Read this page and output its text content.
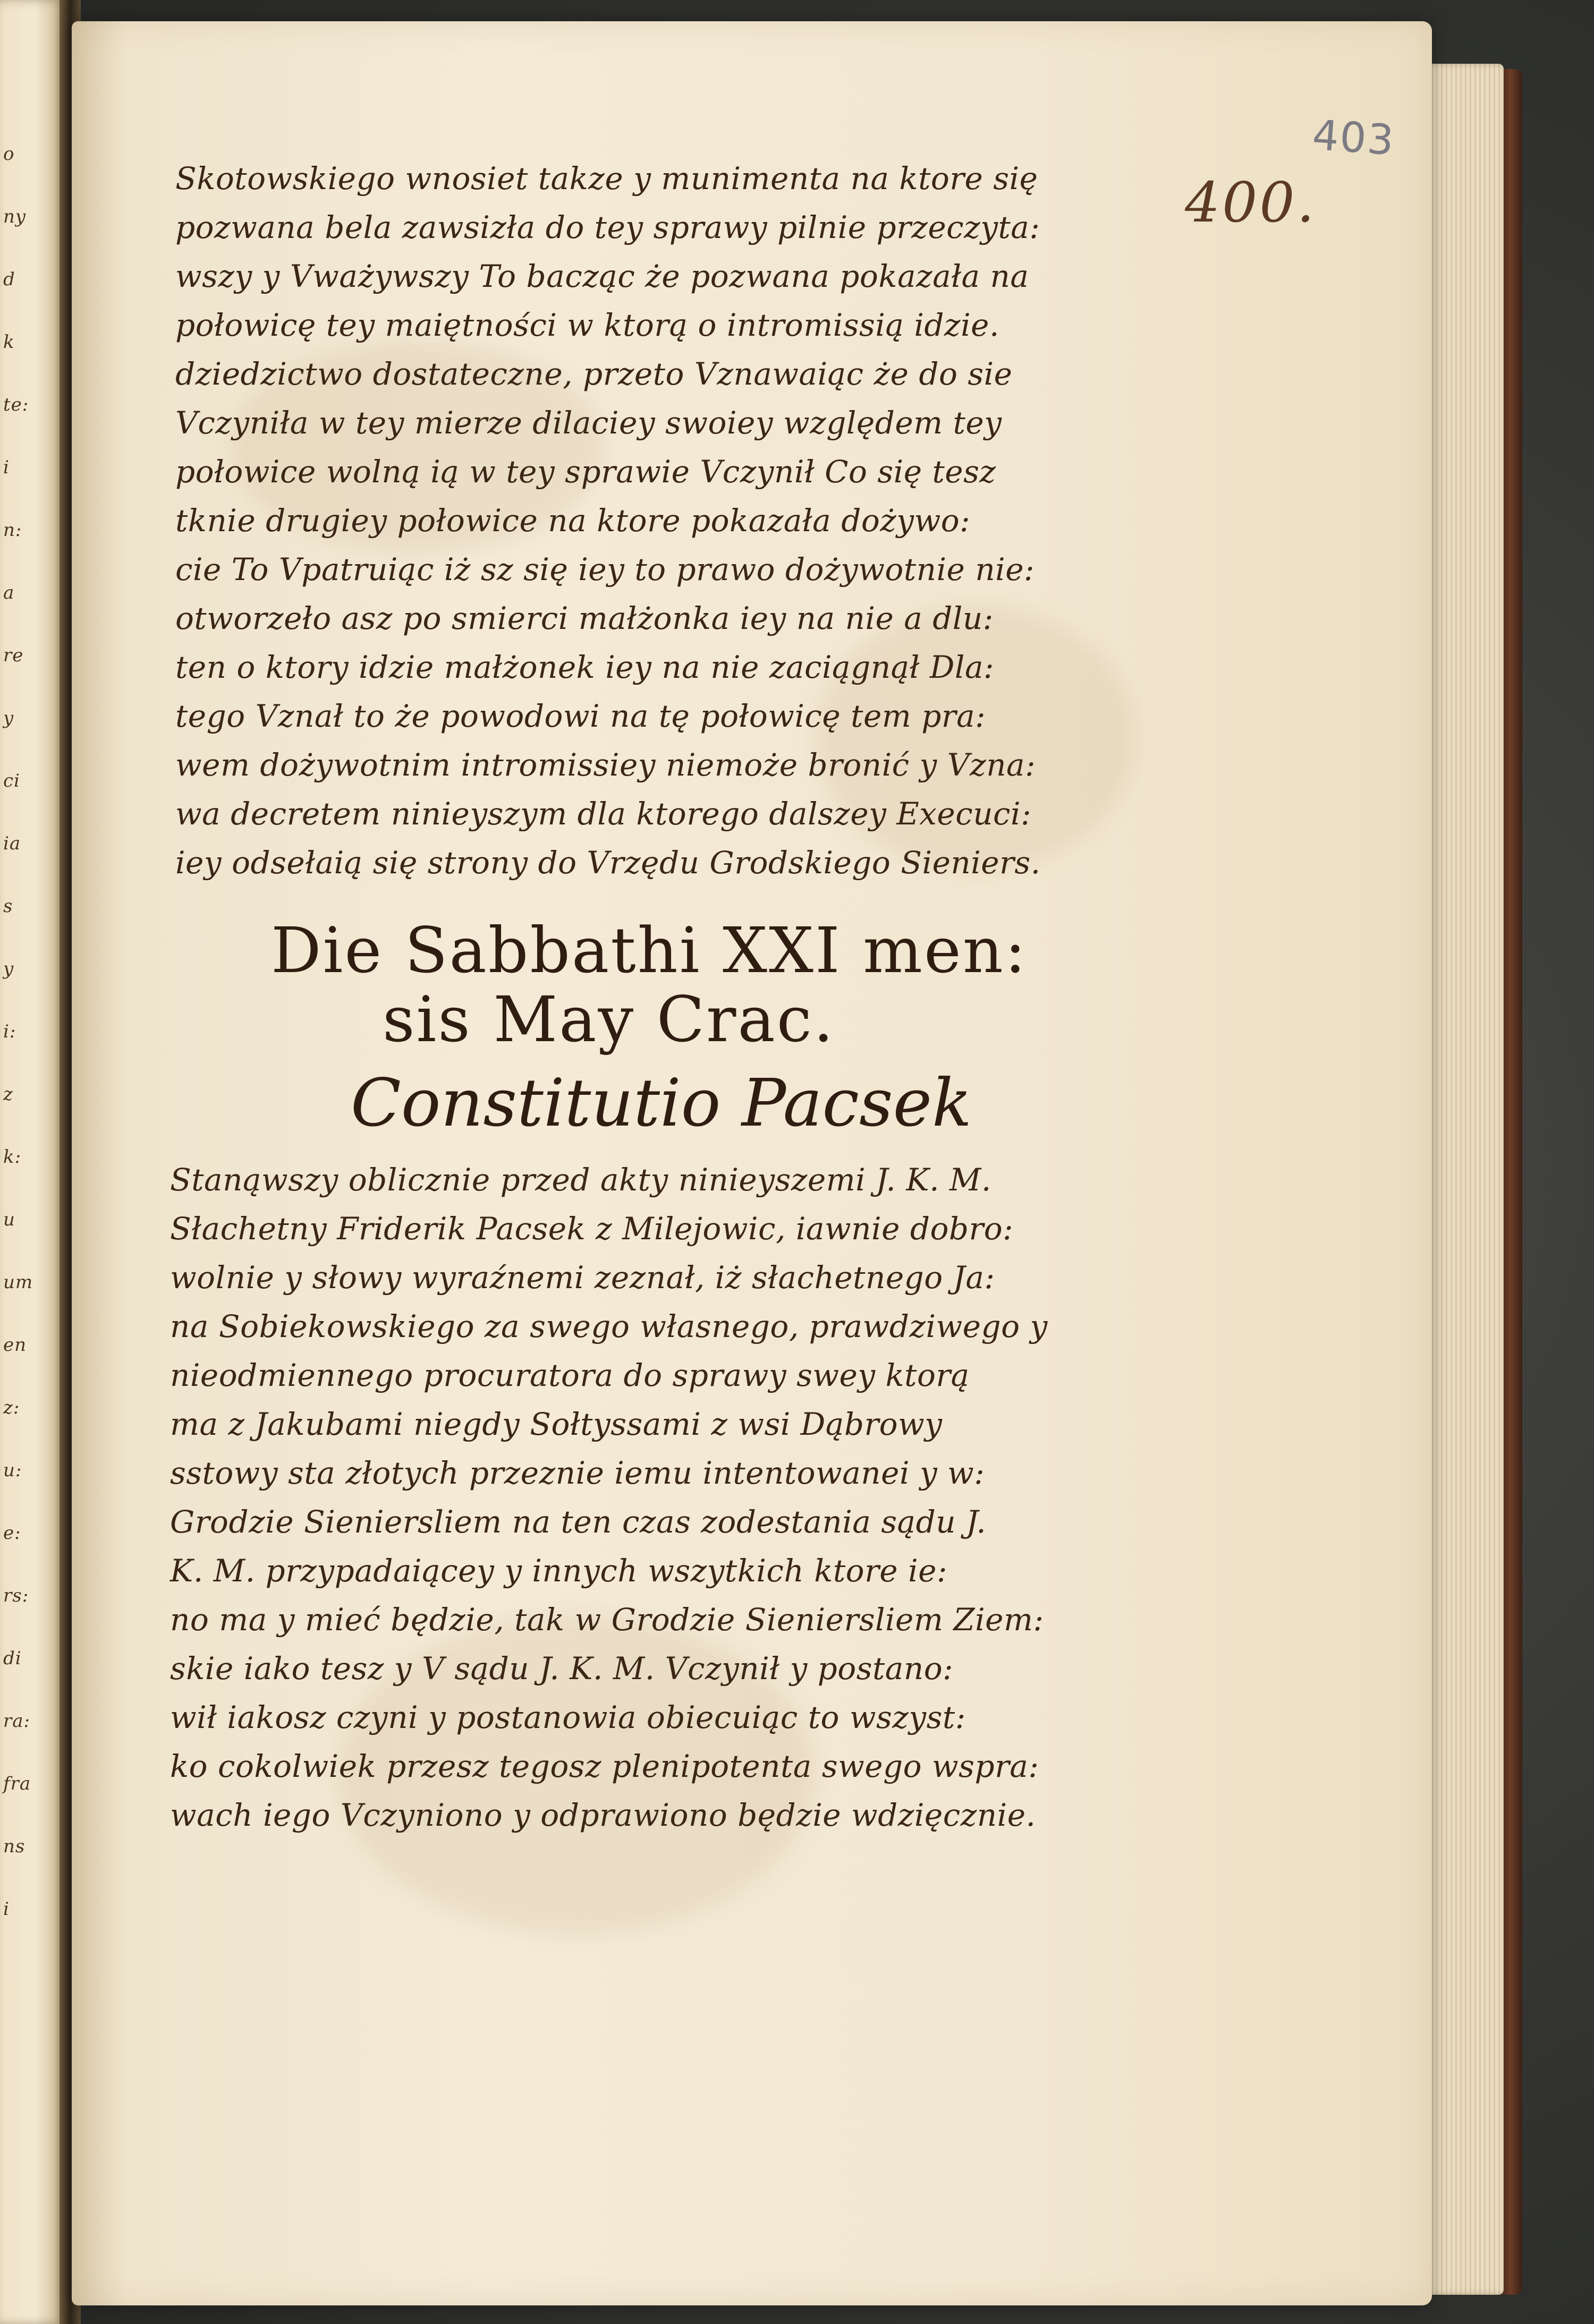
o
ny
d
k
te:
i
n:
a
re
y
ci
ia
s
y
i:
z
k:
u
um
en
z:
u:
e:
rs:
di
ra:
fra
ns
i

403

400.

Skotowskiego wnosiet takze y munimenta na ktore się
pozwana bela zawsizła do tey sprawy pilnie przeczyta:
wszy y Vważywszy To bacząc że pozwana pokazała na
połowicę tey maiętności w ktorą o intromissią idzie.
dziedzictwo dostateczne, przeto Vznawaiąc że do sie
Vczyniła w tey mierze dilaciey swoiey względem tey
połowice wolną ią w tey sprawie Vczynił Co się tesz
tknie drugiey połowice na ktore pokazała dożywo:
cie To Vpatruiąc iż sz się iey to prawo dożywotnie nie:
otworzeło asz po smierci małżonka iey na nie a dlu:
ten o ktory idzie małżonek iey na nie zaciągnął Dla:
tego Vznał to że powodowi na tę połowicę tem pra:
wem dożywotnim intromissiey niemoże bronić y Vzna:
wa decretem ninieyszym dla ktorego dalszey Execuci:
iey odsełaią się strony do Vrzędu Grodskiego Sieniers.

Die Sabbathi XXI men:

sis May Crac.

Constitutio Pacsek

Stanąwszy oblicznie przed akty ninieyszemi J. K. M.
Słachetny Friderik Pacsek z Milejowic, iawnie dobro:
wolnie y słowy wyraźnemi zeznał, iż słachetnego Ja:
na Sobiekowskiego za swego własnego, prawdziwego y
nieodmiennego procuratora do sprawy swey ktorą
ma z Jakubami niegdy Sołtyssami z wsi Dąbrowy
sstowy sta złotych przeznie iemu intentowanei y w:
Grodzie Sieniersliem na ten czas zodestania sądu J.
K. M. przypadaiącey y innych wszytkich ktore ie:
no ma y mieć będzie, tak w Grodzie Sieniersliem Ziem:
skie iako tesz y V sądu J. K. M. Vczynił y postano:
wił iakosz czyni y postanowia obiecuiąc to wszyst:
ko cokolwiek przesz tegosz plenipotenta swego wspra:
wach iego Vczyniono y odprawiono będzie wdzięcznie.
